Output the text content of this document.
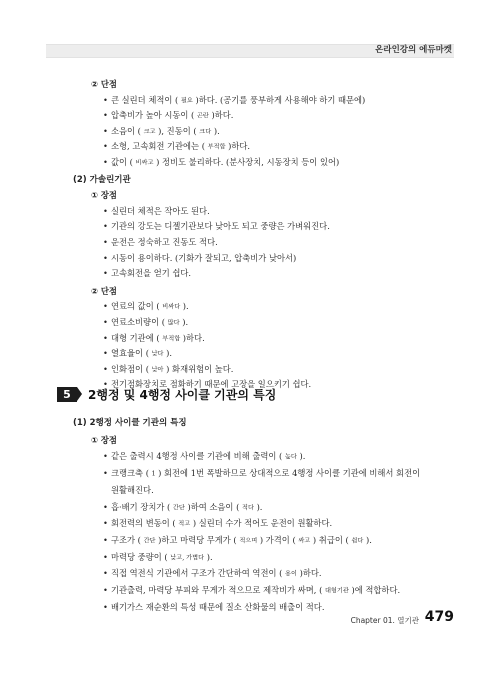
온라인강의 에듀마켓
② 단점
• 큰 실린더 체적이 ( 필요 )하다. (공기를 풍부하게 사용해야 하기 때문에)
• 압축비가 높아 시동이 ( 곤란 )하다.
• 소음이 ( 크고 ), 진동이 ( 크다 ).
• 소형, 고속회전 기관에는 ( 부적합 )하다.
• 값이 ( 비싸고 ) 정비도 불리하다. (분사장치, 시동장치 등이 있어)
(2) 가솔린기관
① 장점
• 실린더 체적은 작아도 된다.
• 기관의 강도는 디젤기관보다 낮아도 되고 중량은 가벼워진다.
• 운전은 정숙하고 진동도 적다.
• 시동이 용이하다. (기화가 잘되고, 압축비가 낮아서)
• 고속회전을 얻기 쉽다.
② 단점
• 연료의 값이 ( 비싸다 ).
• 연료소비량이 ( 많다 ).
• 대형 기관에 ( 부적합 )하다.
• 열효율이 ( 낮다 ).
• 인화점이 ( 낮아 ) 화재위험이 높다.
• 전기점화장치로 점화하기 때문에 고장을 일으키기 쉽다.
5	2행정 및 4행정 사이클 기관의 특징
(1) 2행정 사이클 기관의 특징
① 장점
• 같은 출력시 4행정 사이클 기관에 비해 출력이 ( 높다 ).
• 크랭크축 ( 1 ) 회전에 1번 폭발하므로 상대적으로 4행정 사이클 기관에 비해서 회전이
원활해진다.
• 흡·배기 장치가 ( 간단 )하여 소음이 ( 적다 ).
• 회전력의 변동이 ( 적고 ) 실린더 수가 적어도 운전이 원활하다.
• 구조가 ( 간단 )하고 마력당 무게가 ( 적으며 ) 가격이 ( 싸고 ) 취급이 ( 쉽다 ).
• 마력당 중량이 ( 낮고, 가볍다 ).
• 직접 역전식 기관에서 구조가 간단하여 역전이 ( 용이 )하다.
• 기관출력, 마력당 부피와 무게가 적으므로 제작비가 싸며, ( 대형기관 )에 적합하다.
• 배기가스 재순환의 특성 때문에 질소 산화물의 배출이 적다.
Chapter 01. 열기관 479
